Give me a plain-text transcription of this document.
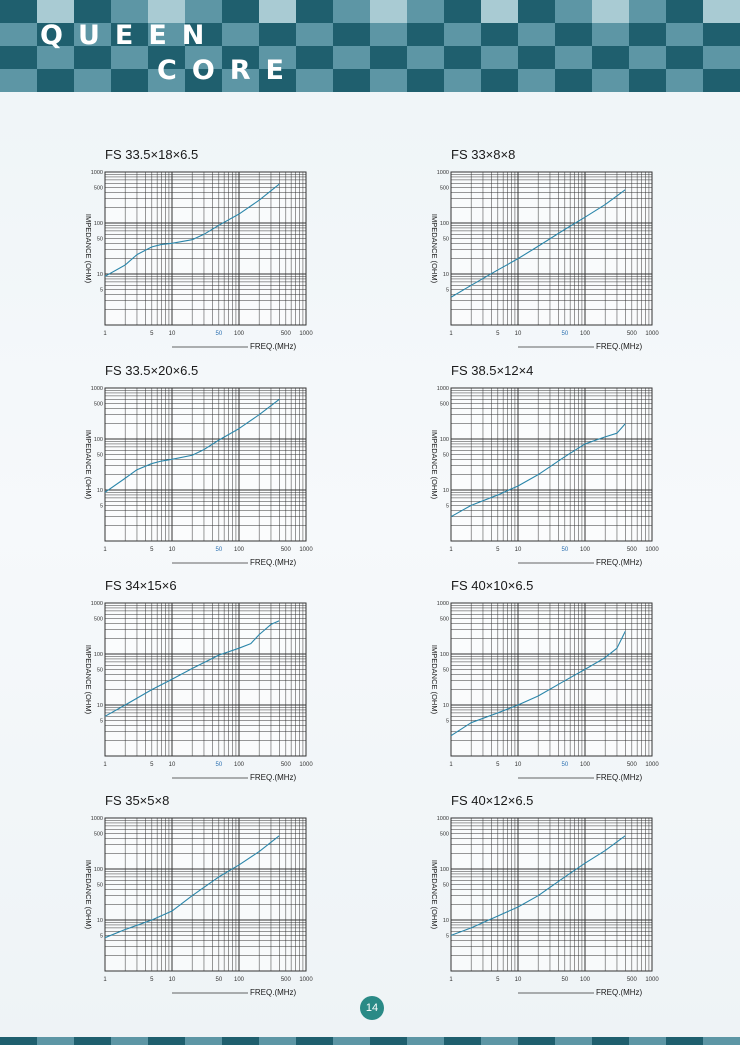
QUEEN
CORE
FS 33.5×18×6.5
1	5	10	50 100	500 1000
1000
500
100
50
10
5
IMPEDANCE (OHM)
FREQ.(MHz)
FS 33×8×8
1	5	10	50 100	500 1000
1000
500
100
50
10
5
IMPEDANCE (OHM)
FREQ.(MHz)
FS 33.5×20×6.5
1	5	10	50 100	500 1000
1000
500
100
50
10
5
IMPEDANCE (OHM)
FREQ.(MHz)
FS 38.5×12×4
1	5	10	50 100	500 1000
1000
500
100
50
10
5
IMPEDANCE (OHM)
FREQ.(MHz)
FS 34×15×6
1	5	10	50 100	500 1000
1000
500
100
50
10
5
IMPEDANCE (OHM)
FREQ.(MHz)
FS 40×10×6.5
1	5	10	50 100	500 1000
1000
500
100
50
10
5
IMPEDANCE (OHM)
FREQ.(MHz)
FS 35×5×8
1	5	10	50 100	500 1000
1000
500
100
50
10
5
IMPEDANCE (OHM)
FREQ.(MHz)
FS 40×12×6.5
1	5	10	50 100	500 1000
1000
500
100
50
10
5
IMPEDANCE (OHM)
FREQ.(MHz)
14
